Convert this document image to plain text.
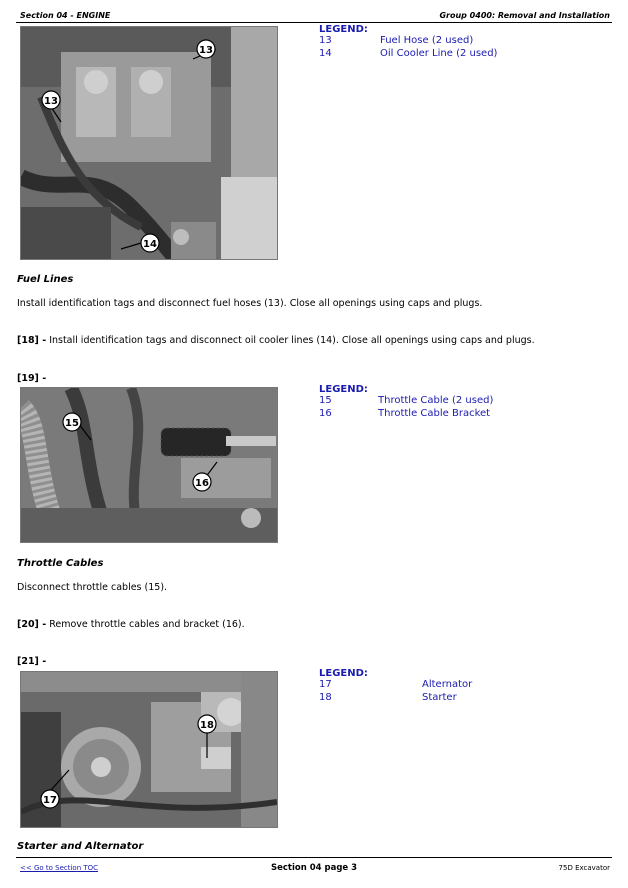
Section 04 - ENGINE	Group 0400: Removal and Installation
13
13
14
LEGEND:
13	Fuel Hose (2 used)
14	Oil Cooler Line (2 used)
Fuel Lines
Install identification tags and disconnect fuel hoses (13). Close all openings using caps and plugs.
[18] - Install identification tags and disconnect oil cooler lines (14). Close all openings using caps and plugs.
[19] -
15
16
LEGEND:
15	Throttle Cable (2 used)
16	Throttle Cable Bracket
Throttle Cables
Disconnect throttle cables (15).
[20] - Remove throttle cables and bracket (16).
[21] -
18
17
LEGEND:
17	Alternator
18	Starter
Starter and Alternator
<< Go to Section TOC	Section 04 page 3	75D Excavator
